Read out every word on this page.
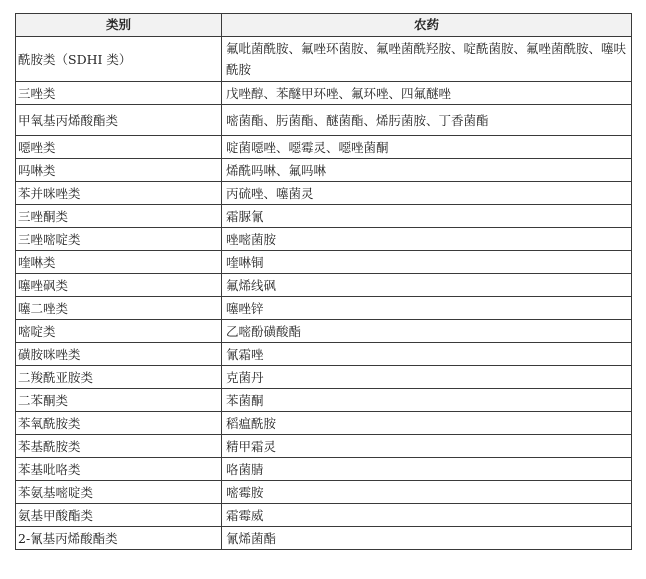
类别	农药
酰胺类（SDHI 类）	氟吡菌酰胺、氟唑环菌胺、氟唑菌酰羟胺、啶酰菌胺、氟唑菌酰胺、噻呋酰胺
三唑类	戊唑醇、苯醚甲环唑、氟环唑、四氟醚唑
甲氧基丙烯酸酯类	嘧菌酯、肟菌酯、醚菌酯、烯肟菌胺、丁香菌酯
噁唑类	啶菌噁唑、噁霉灵、噁唑菌酮
吗啉类	烯酰吗啉、氟吗啉
苯并咪唑类	丙硫唑、噻菌灵
三唑酮类	霜脲氰
三唑嘧啶类	唑嘧菌胺
喹啉类	喹啉铜
噻唑砜类	氟烯线砜
噻二唑类	噻唑锌
嘧啶类	乙嘧酚磺酸酯
磺胺咪唑类	氰霜唑
二羧酰亚胺类	克菌丹
二苯酮类	苯菌酮
苯氧酰胺类	稻瘟酰胺
苯基酰胺类	精甲霜灵
苯基吡咯类	咯菌腈
苯氨基嘧啶类	嘧霉胺
氨基甲酸酯类	霜霉威
2-氰基丙烯酸酯类	氰烯菌酯
